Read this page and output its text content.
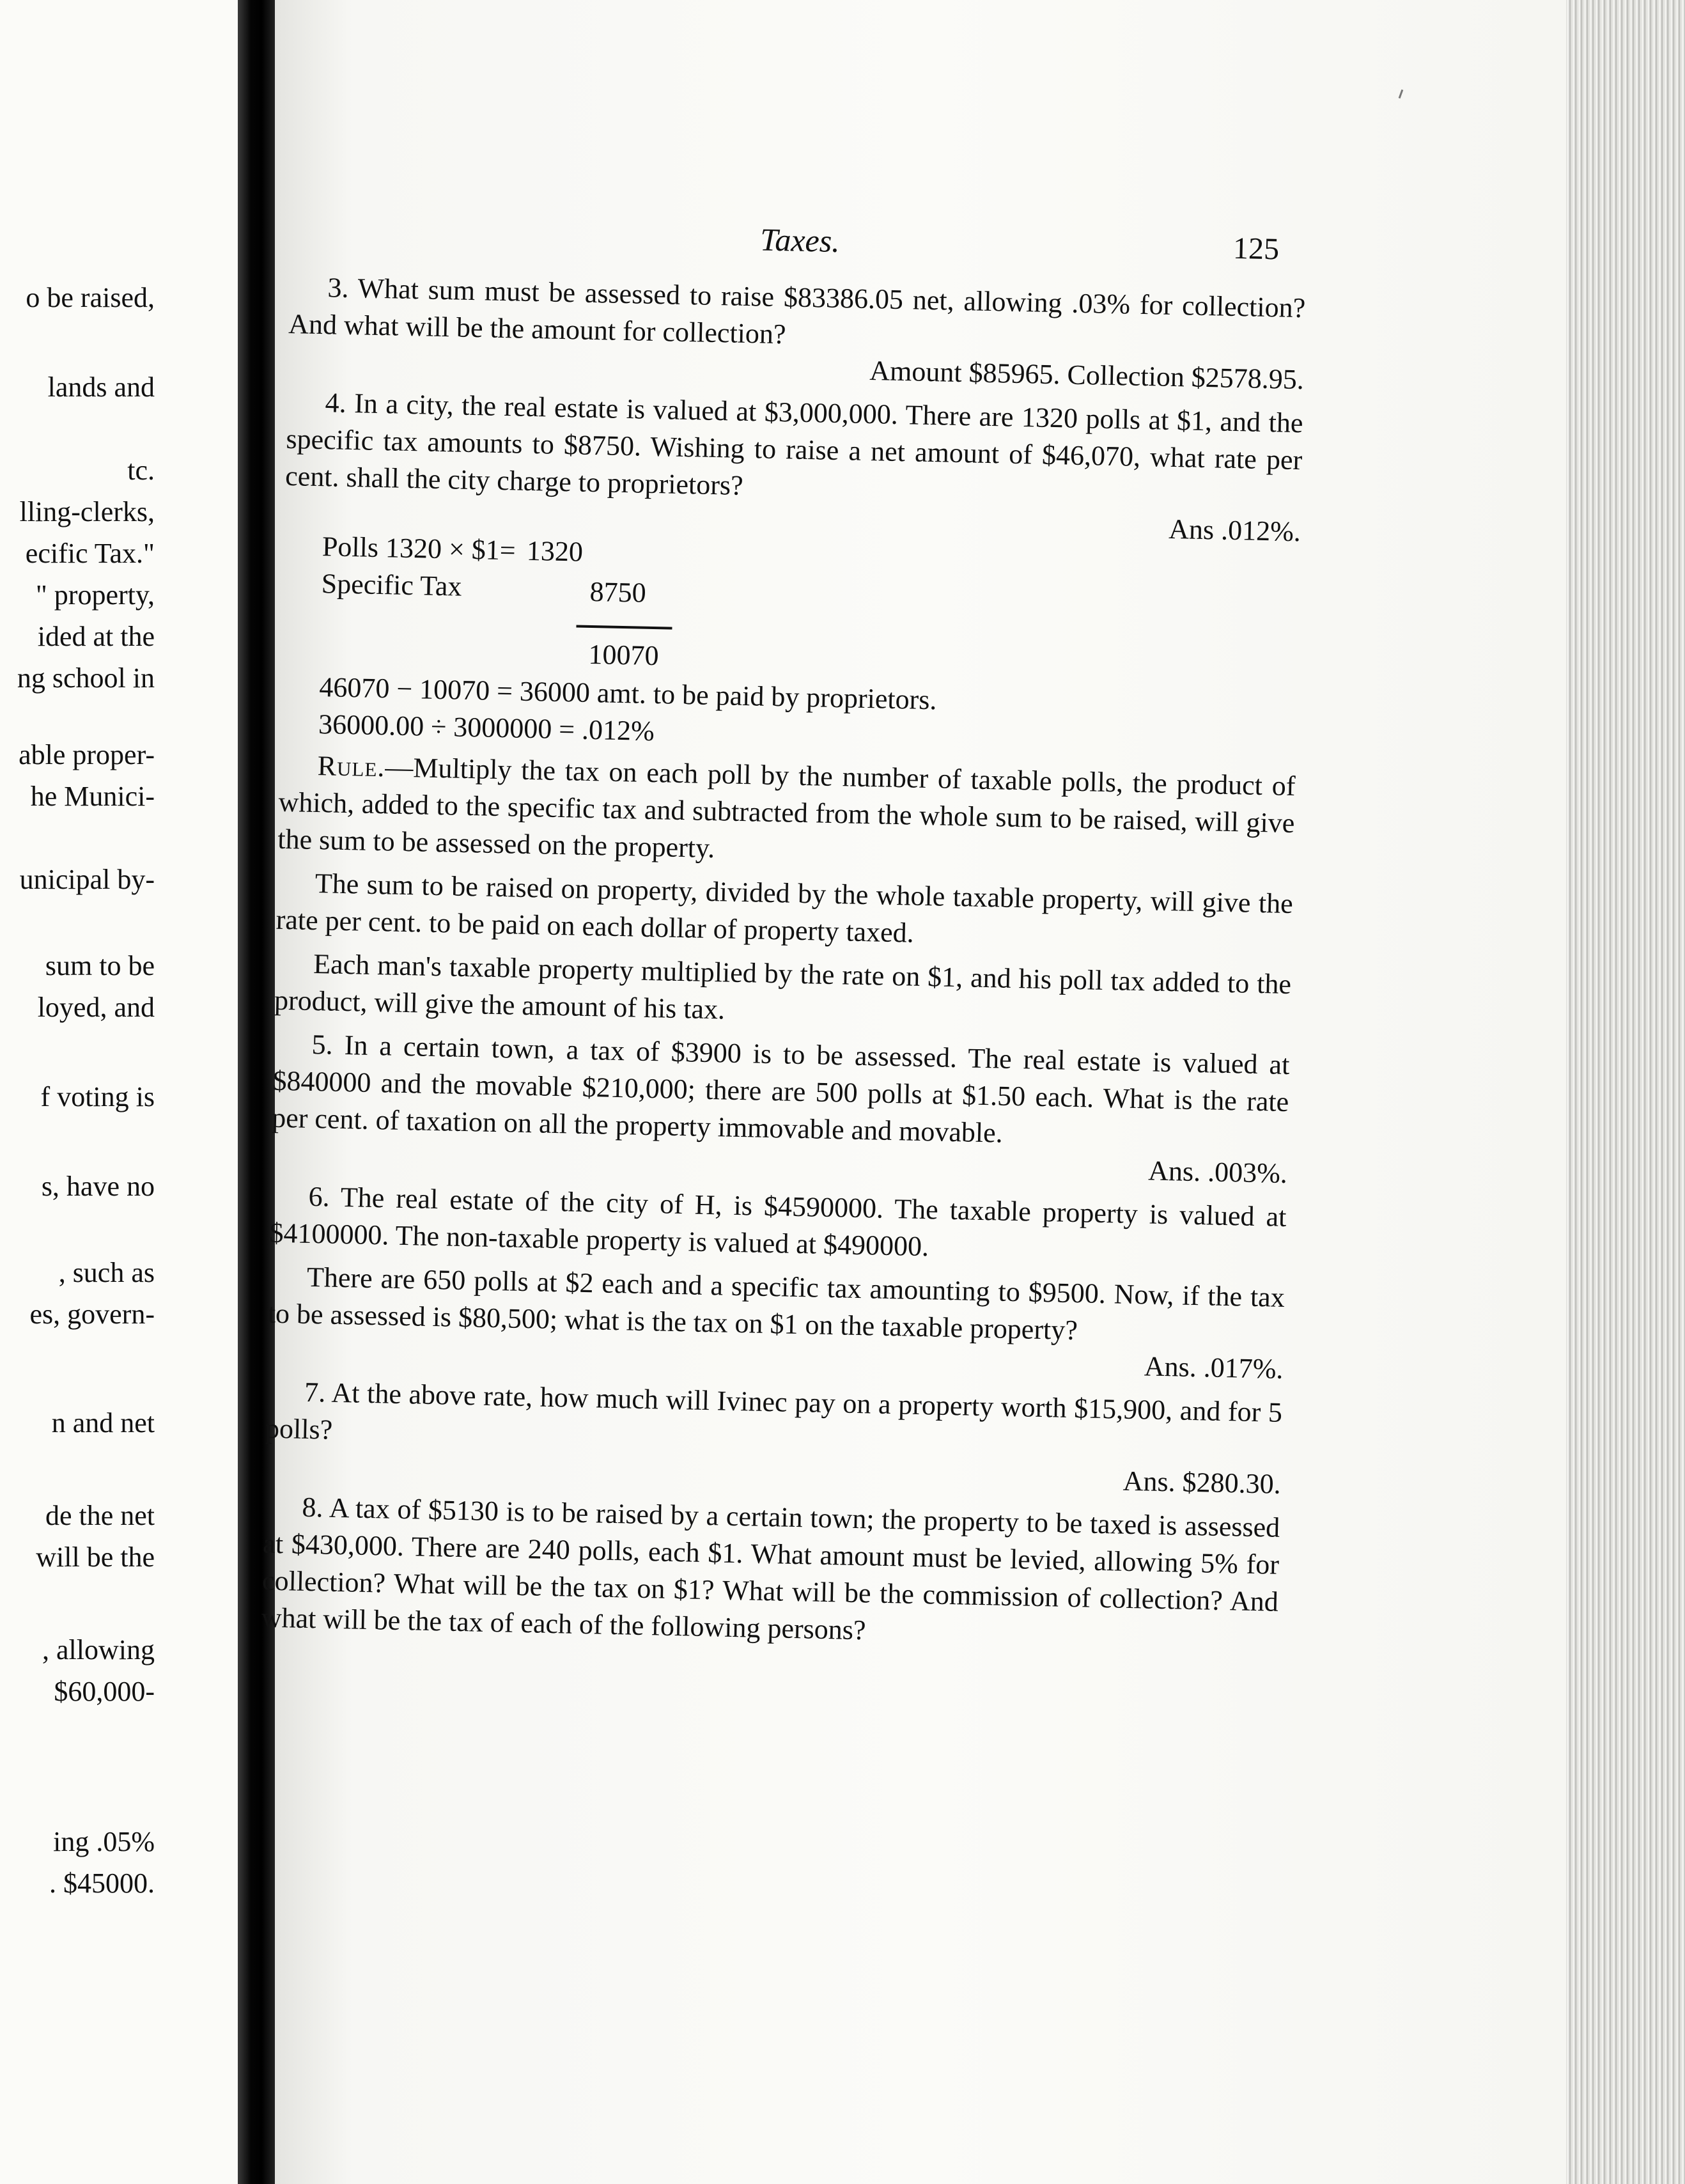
o be raised,
lands and
tc.
lling-clerks,
ecific Tax."
" property,
ided at the
ng school in
able proper-
he Munici-
unicipal by-
sum to be
loyed, and
f voting is
s, have no
, such as
es, govern-
n and net
de the net
will be the
, allowing
$60,000-
ing .05%
. $45000.
Taxes.	125

3. What sum must be assessed to raise $83386.05 net, allowing .03% for collection? And what will be the amount for collection?

Amount $85965. Collection $2578.95.

4. In a city, the real estate is valued at $3,000,000. There are 1320 polls at $1, and the specific tax amounts to $8750. Wishing to raise a net amount of $46,070, what rate per cent. shall the city charge to proprietors?

Ans .012%.

Polls 1320 × $1= 1320
Specific Tax	8750
10070
46070 − 10070 = 36000 amt. to be paid by proprietors.
36000.00 ÷ 3000000 = .012%

Rule.—Multiply the tax on each poll by the number of taxable polls, the product of which, added to the specific tax and subtracted from the whole sum to be raised, will give the sum to be assessed on the property.

The sum to be raised on property, divided by the whole taxable property, will give the rate per cent. to be paid on each dollar of property taxed.

Each man's taxable property multiplied by the rate on $1, and his poll tax added to the product, will give the amount of his tax.

5. In a certain town, a tax of $3900 is to be assessed. The real estate is valued at $840000 and the movable $210,000; there are 500 polls at $1.50 each. What is the rate per cent. of taxation on all the property immovable and movable.

Ans. .003%.

6. The real estate of the city of H, is $4590000. The taxable property is valued at $4100000. The non-taxable property is valued at $490000.

There are 650 polls at $2 each and a specific tax amounting to $9500. Now, if the tax to be assessed is $80,500; what is the tax on $1 on the taxable property?

Ans. .017%.

7. At the above rate, how much will Ivinec pay on a property worth $15,900, and for 5 polls?

Ans. $280.30.

8. A tax of $5130 is to be raised by a certain town; the property to be taxed is assessed at $430,000. There are 240 polls, each $1. What amount must be levied, allowing 5% for collection? What will be the tax on $1? What will be the commission of collection? And what will be the tax of each of the following persons?
